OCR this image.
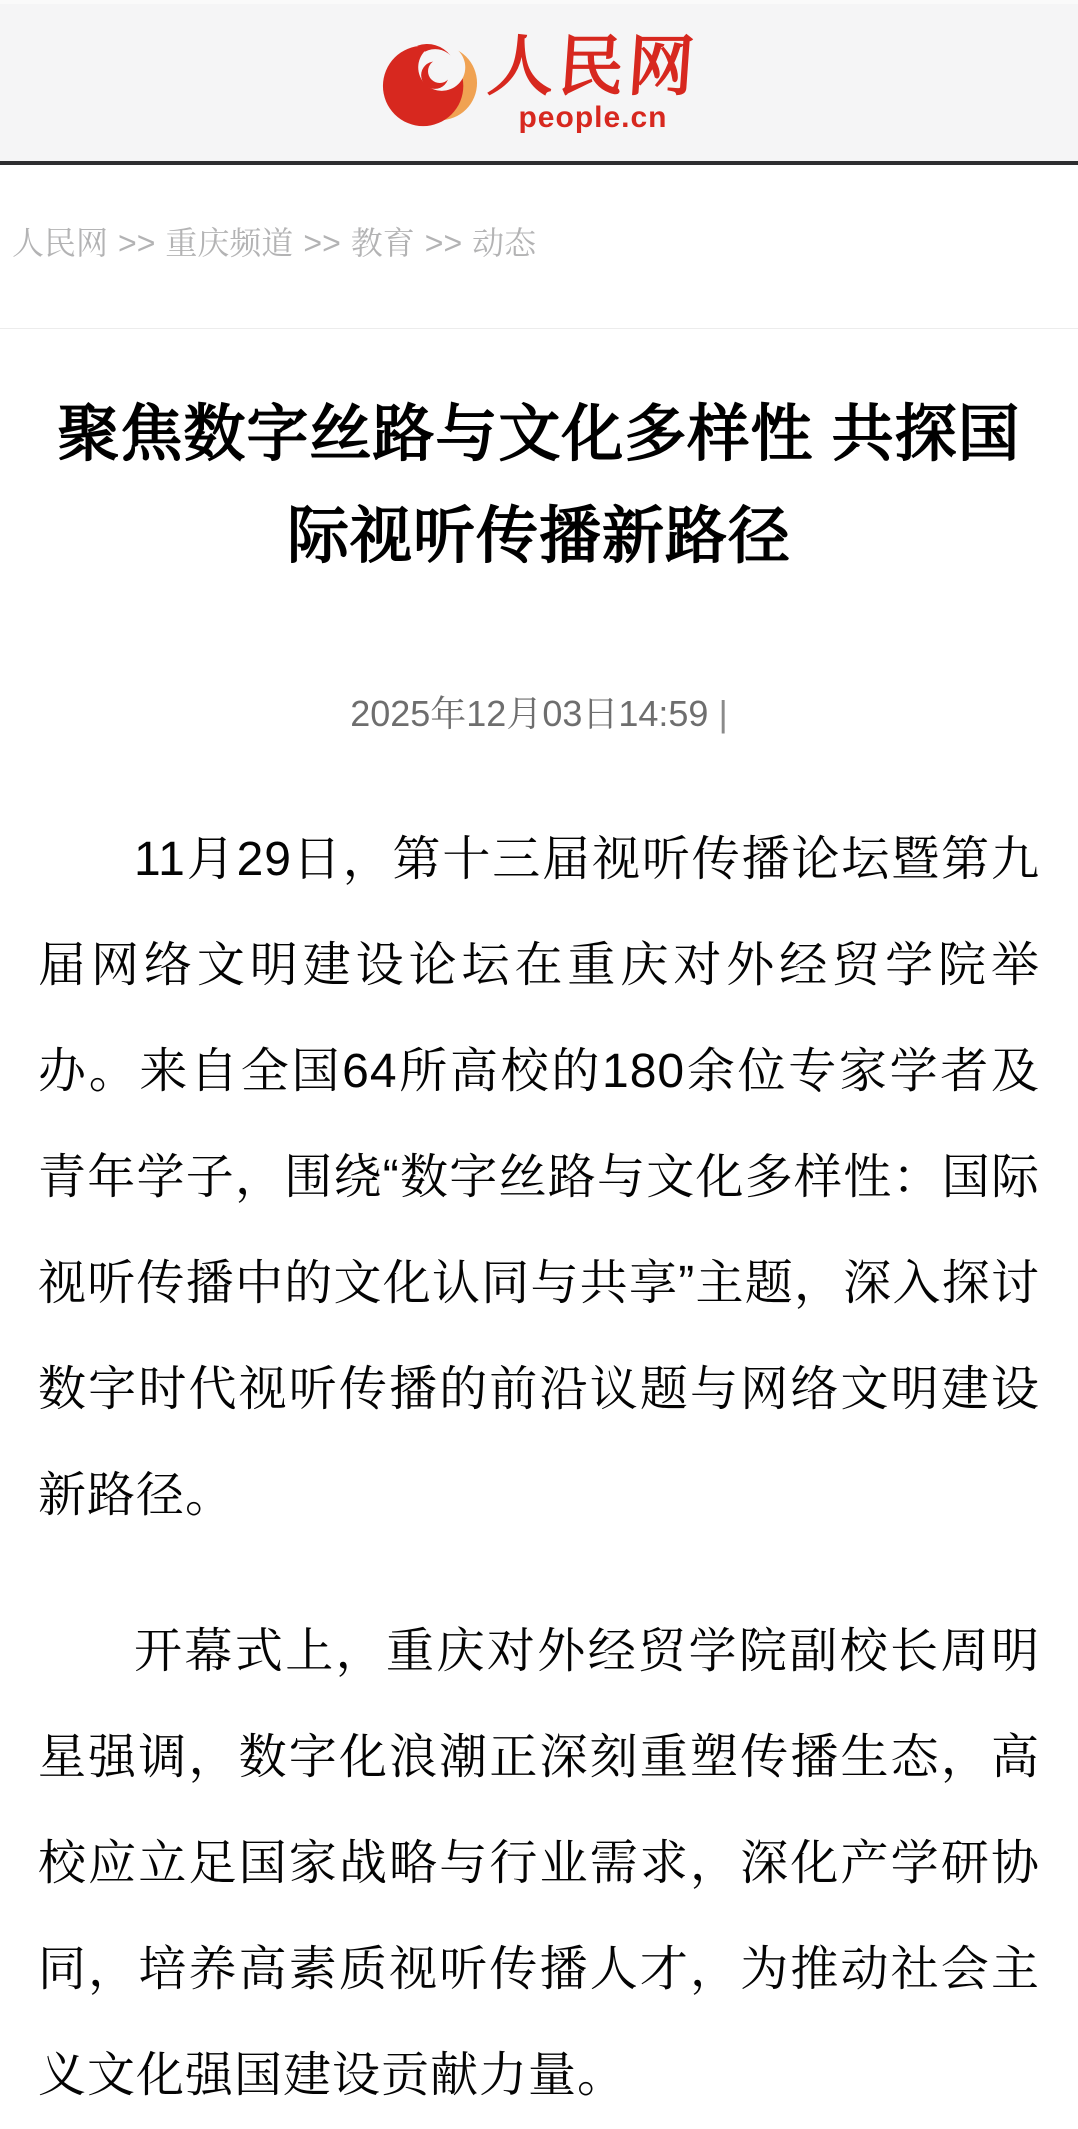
人民网
people.cn
人民网 >> 重庆频道 >> 教育 >> 动态
聚焦数字丝路与文化多样性 共探国际视听传播新路径
2025年12月03日14:59 |

11月29日，第十三届视听传播论坛暨第九届网络文明建设论坛在重庆对外经贸学院举办。来自全国64所高校的180余位专家学者及青年学子，围绕“数字丝路与文化多样性：国际视听传播中的文化认同与共享”主题，深入探讨数字时代视听传播的前沿议题与网络文明建设新路径。

开幕式上，重庆对外经贸学院副校长周明星强调，数字化浪潮正深刻重塑传播生态，高校应立足国家战略与行业需求，深化产学研协同，培养高素质视听传播人才，为推动社会主义文化强国建设贡献力量。
